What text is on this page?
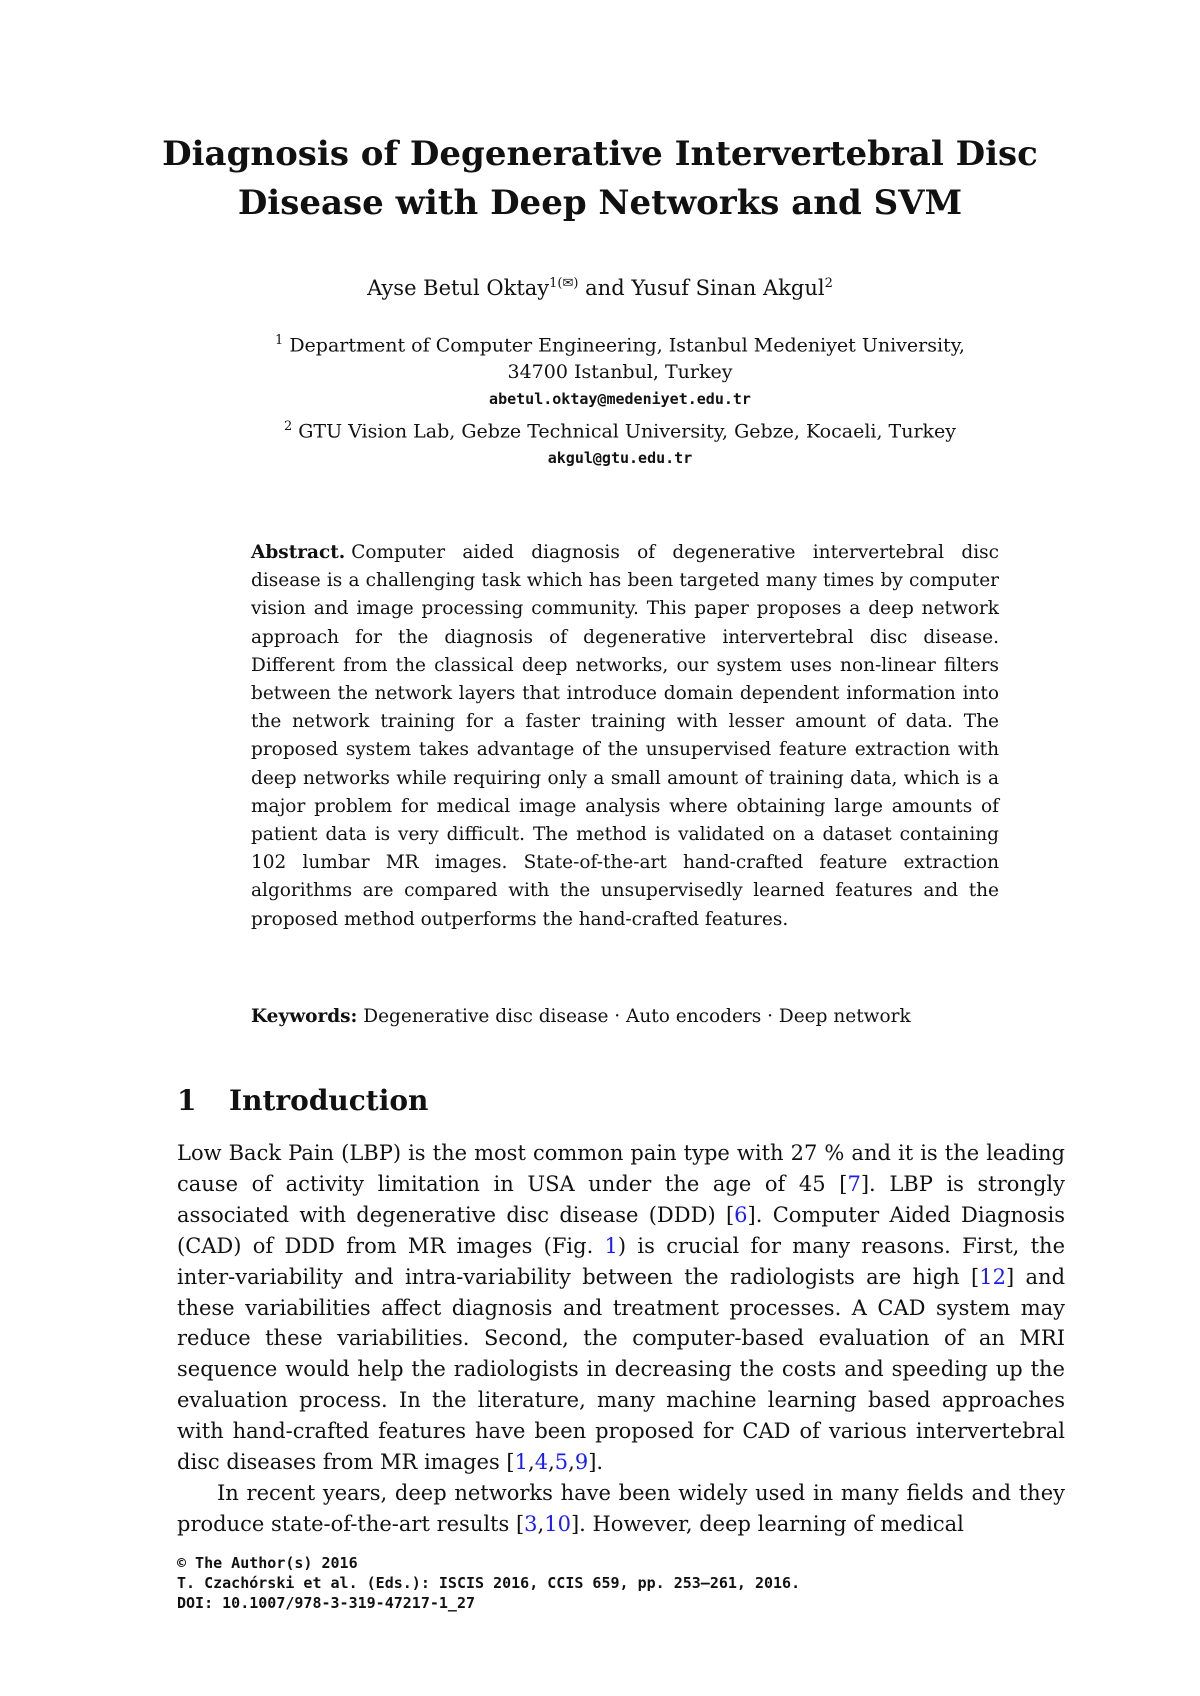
Diagnosis of Degenerative Intervertebral Disc
Disease with Deep Networks and SVM
Ayse Betul Oktay$^{1(✉)}$ and Yusuf Sinan Akgul$^2$
$^1$ Department of Computer Engineering, Istanbul Medeniyet University,
34700 Istanbul, Turkey
abetul.oktay@medeniyet.edu.tr
$^2$ GTU Vision Lab, Gebze Technical University, Gebze, Kocaeli, Turkey
akgul@gtu.edu.tr
Abstract. Computer aided diagnosis of degenerative intervertebral disc disease is a challenging task which has been targeted many times by computer vision and image processing community. This paper proposes a deep network approach for the diagnosis of degenerative intervertebral disc disease. Different from the classical deep networks, our system uses non-linear filters between the network layers that introduce domain dependent information into the network training for a faster training with lesser amount of data. The proposed system takes advantage of the unsupervised feature extraction with deep networks while requiring only a small amount of training data, which is a major problem for medical image analysis where obtaining large amounts of patient data is very difficult. The method is validated on a dataset containing 102 lumbar MR images. State-of-the-art hand-crafted feature extraction algorithms are compared with the unsupervisedly learned features and the proposed method outperforms the hand-crafted features.
Keywords: Degenerative disc disease · Auto encoders · Deep network
1 Introduction

Low Back Pain (LBP) is the most common pain type with 27 % and it is the leading cause of activity limitation in USA under the age of 45 [7]. LBP is strongly associated with degenerative disc disease (DDD) [6]. Computer Aided Diagnosis (CAD) of DDD from MR images (Fig. 1) is crucial for many reasons. First, the inter-variability and intra-variability between the radiologists are high [12] and these variabilities affect diagnosis and treatment processes. A CAD system may reduce these variabilities. Second, the computer-based evaluation of an MRI sequence would help the radiologists in decreasing the costs and speeding up the evaluation process. In the literature, many machine learning based approaches with hand-crafted features have been proposed for CAD of various intervertebral disc diseases from MR images [1,4,5,9].

In recent years, deep networks have been widely used in many fields and they produce state-of-the-art results [3,10]. However, deep learning of medical

© The Author(s) 2016
T. Czachórski et al. (Eds.): ISCIS 2016, CCIS 659, pp. 253–261, 2016.
DOI: 10.1007/978-3-319-47217-1_27
